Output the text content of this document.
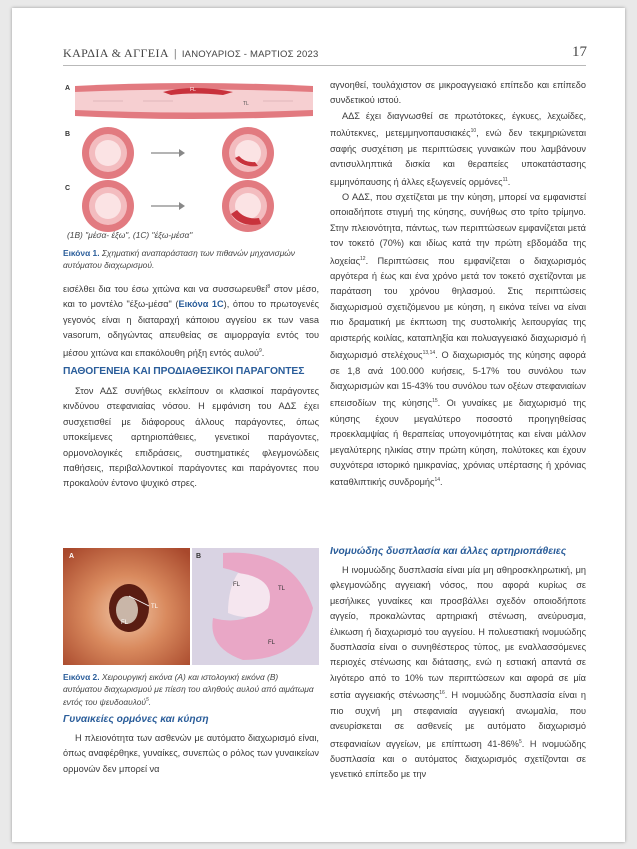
ΚΑΡΔΙΑ & ΑΓΓΕΙΑ | ΙΑΝΟΥΑΡΙΟΣ - ΜΑΡΤΙΟΣ 2023	17
A	FL
TL
B
C
(1B) "μέσα- έξω", (1C) "έξω-μέσα"
Εικόνα 1. Σχηματική αναπαράσταση των πιθανών μηχανισμών αυτόματου διαχωρισμού.

εισέλθει δια του έσω χιτώνα και να συσσωρευθεί$^8$ στον μέσο, και το μοντέλο "έξω-μέσα" (Εικόνα 1C), όπου το πρωτογενές γεγονός είναι η διαταραχή κάποιου αγγείου εκ των vasa vasorum, οδηγώντας απευθείας σε αιμορραγία εντός του μέσου χιτώνα και επακόλουθη ρήξη εντός αυλού$^9$.

ΠΑΘΟΓΕΝΕΙΑ ΚΑΙ ΠΡΟΔΙΑΘΕΣΙΚΟΙ ΠΑΡΑΓΟΝΤΕΣ

Στον ΑΔΣ συνήθως εκλείπουν οι κλασικοί παράγοντες κινδύνου στεφανιαίας νόσου. Η εμφάνιση του ΑΔΣ έχει συσχετισθεί με διάφορους άλλους παράγοντες, όπως υποκείμενες αρτηριοπάθειες, γενετικοί παράγοντες, ορμονολογικές επιδράσεις, συστηματικές φλεγμονώδεις παθήσεις, περιβαλλοντικοί παράγοντες και παράγοντες που προκαλούν έντονο ψυχικό στρες.

A
TL
FL
B
FL
TL
FL
Εικόνα 2. Χειρουργική εικόνα (A) και ιστολογική εικόνα (B) αυτόματου διαχωρισμού με πίεση του αληθούς αυλού από αιμάτωμα εντός του ψευδοαυλού$^5$.
Γυναικείες ορμόνες και κύηση

Η πλειονότητα των ασθενών με αυτόματο διαχωρισμό είναι, όπως αναφέρθηκε, γυναίκες, συνεπώς ο ρόλος των γυναικείων ορμονών δεν μπορεί να

αγνοηθεί, τουλάχιστον σε μικροαγγειακό επίπεδο και επίπεδο συνδετικού ιστού.

ΑΔΣ έχει διαγνωσθεί σε πρωτότοκες, έγκυες, λεχωίδες, πολύτεκνες, μετεμμηνοπαυσιακές$^{10}$, ενώ δεν τεκμηριώνεται σαφής συσχέτιση με περιπτώσεις γυναικών που λαμβάνουν αντισυλληπτικά δισκία και θεραπείες υποκατάστασης εμμηνόπαυσης ή άλλες εξωγενείς ορμόνες$^{11}$.

Ο ΑΔΣ, που σχετίζεται με την κύηση, μπορεί να εμφανιστεί οποιαδήποτε στιγμή της κύησης, συνήθως στο τρίτο τρίμηνο. Στην πλειονότητα, πάντως, των περιπτώσεων εμφανίζεται μετά τον τοκετό (70%) και ιδίως κατά την πρώτη εβδομάδα της λοχείας$^{12}$. Περιπτώσεις που εμφανίζεται ο διαχωρισμός αργότερα ή έως και ένα χρόνο μετά τον τοκετό σχετίζονται με παράταση του χρόνου θηλασμού. Στις περιπτώσεις διαχωρισμού σχετιζόμενου με κύηση, η εικόνα τείνει να είναι πιο δραματική με έκπτωση της συστολικής λειτουργίας της αριστερής κοιλίας, καταπληξία και πολυαγγειακό διαχωρισμό ή διαχωρισμό στελέχους$^{13,14}$. Ο διαχωρισμός της κύησης αφορά σε 1,8 ανά 100.000 κυήσεις, 5-17% του συνόλου των διαχωρισμών και 15-43% του συνόλου των οξέων στεφανιαίων επεισοδίων της κύησης$^{15}$. Οι γυναίκες με διαχωρισμό της κύησης έχουν μεγαλύτερο ποσοστό προηγηθείσας προεκλαμψίας ή θεραπείας υπογονιμότητας και είναι μάλλον μεγαλύτερης ηλικίας στην πρώτη κύηση, πολύτοκες και έχουν συχνότερα ιστορικό ημικρανίας, χρόνιας υπέρτασης ή χρόνιας καταθλιπτικής συνδρομής$^{14}$.

Ινομυώδης δυσπλασία και άλλες αρτηριοπάθειες

Η ινομυώδης δυσπλασία είναι μία μη αθηροσκληρωτική, μη φλεγμονώδης αγγειακή νόσος, που αφορά κυρίως σε μεσήλικες γυναίκες και προσβάλλει σχεδόν οποιοδήποτε αγγείο, προκαλώντας αρτηριακή στένωση, ανεύρυσμα, έλικωση ή διαχωρισμό του αγγείου. Η πολυεστιακή ινομυώδης δυσπλασία είναι ο συνηθέστερος τύπος, με εναλλασσόμενες περιοχές στένωσης και διάτασης, ενώ η εστιακή απαντά σε λιγότερο από το 10% των περιπτώσεων και αφορά σε μία εστία αγγειακής στένωσης$^{16}$. Η ινομυώδης δυσπλασία είναι η πιο συχνή μη στεφανιαία αγγειακή ανωμαλία, που ανευρίσκεται σε ασθενείς με αυτόματο διαχωρισμό στεφανιαίων αγγείων, με επίπτωση 41-86%$^5$. Η ινομυώδης δυσπλασία και ο αυτόματος διαχωρισμός σχετίζονται σε γενετικό επίπεδο με την
